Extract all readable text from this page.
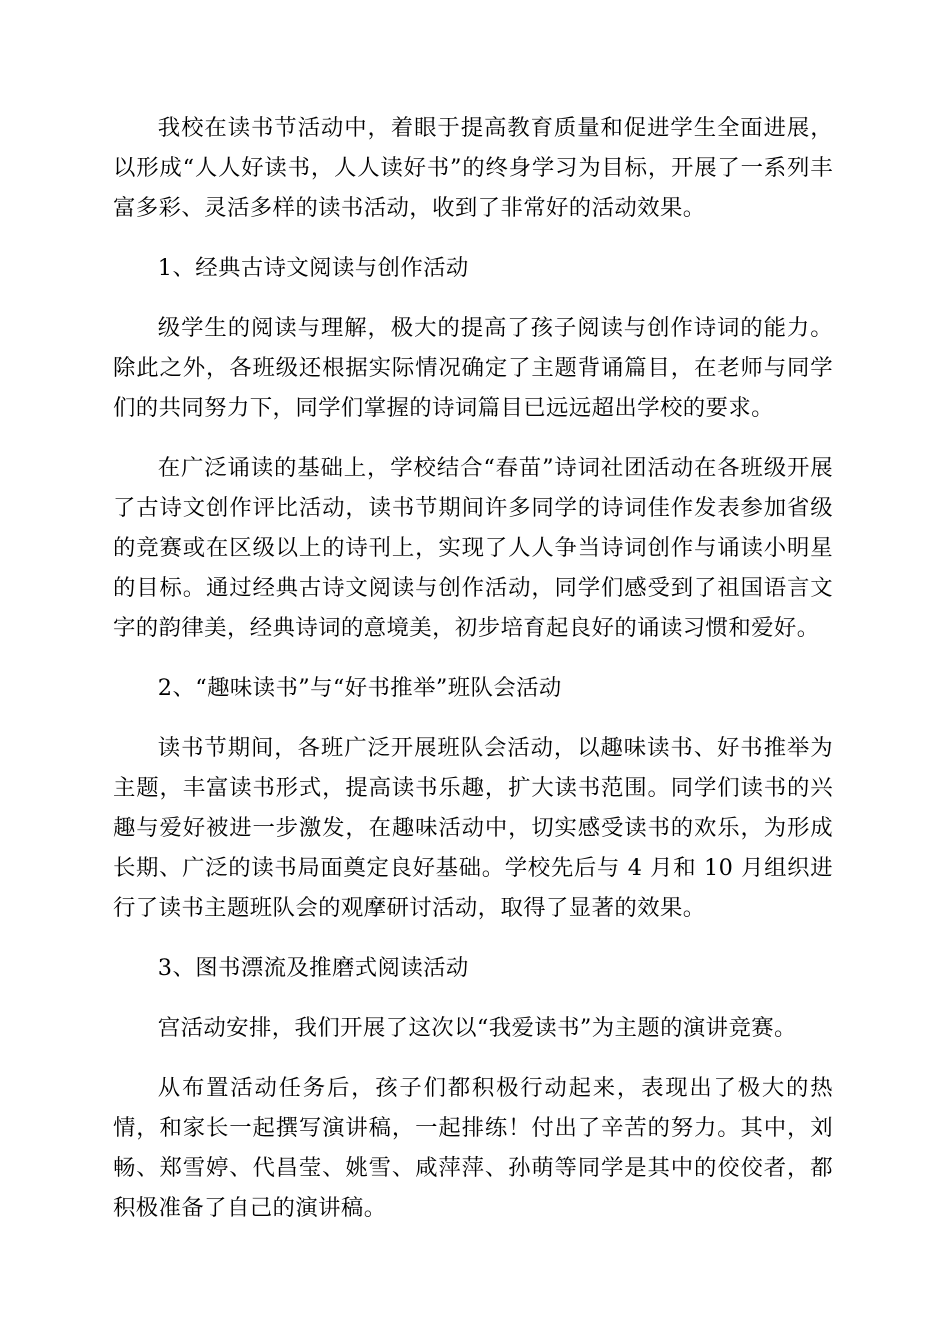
我校在读书节活动中，着眼于提高教育质量和促进学生全面进展，以形成“人人好读书，人人读好书”的终身学习为目标，开展了一系列丰富多彩、灵活多样的读书活动，收到了非常好的活动效果。

1、经典古诗文阅读与创作活动

级学生的阅读与理解，极大的提高了孩子阅读与创作诗词的能力。除此之外，各班级还根据实际情况确定了主题背诵篇目，在老师与同学们的共同努力下，同学们掌握的诗词篇目已远远超出学校的要求。

在广泛诵读的基础上，学校结合“春苗”诗词社团活动在各班级开展了古诗文创作评比活动，读书节期间许多同学的诗词佳作发表参加省级的竞赛或在区级以上的诗刊上，实现了人人争当诗词创作与诵读小明星的目标。通过经典古诗文阅读与创作活动，同学们感受到了祖国语言文字的韵律美，经典诗词的意境美，初步培育起良好的诵读习惯和爱好。

2、“趣味读书”与“好书推举”班队会活动

读书节期间，各班广泛开展班队会活动，以趣味读书、好书推举为主题，丰富读书形式，提高读书乐趣，扩大读书范围。同学们读书的兴趣与爱好被进一步激发，在趣味活动中，切实感受读书的欢乐，为形成长期、广泛的读书局面奠定良好基础。学校先后与 4 月和 10 月组织进行了读书主题班队会的观摩研讨活动，取得了显著的效果。

3、图书漂流及推磨式阅读活动

宫活动安排，我们开展了这次以“我爱读书”为主题的演讲竞赛。

从布置活动任务后，孩子们都积极行动起来，表现出了极大的热情，和家长一起撰写演讲稿，一起排练！付出了辛苦的努力。其中，刘畅、郑雪婷、代昌莹、姚雪、咸萍萍、孙萌等同学是其中的佼佼者，都积极准备了自己的演讲稿。
